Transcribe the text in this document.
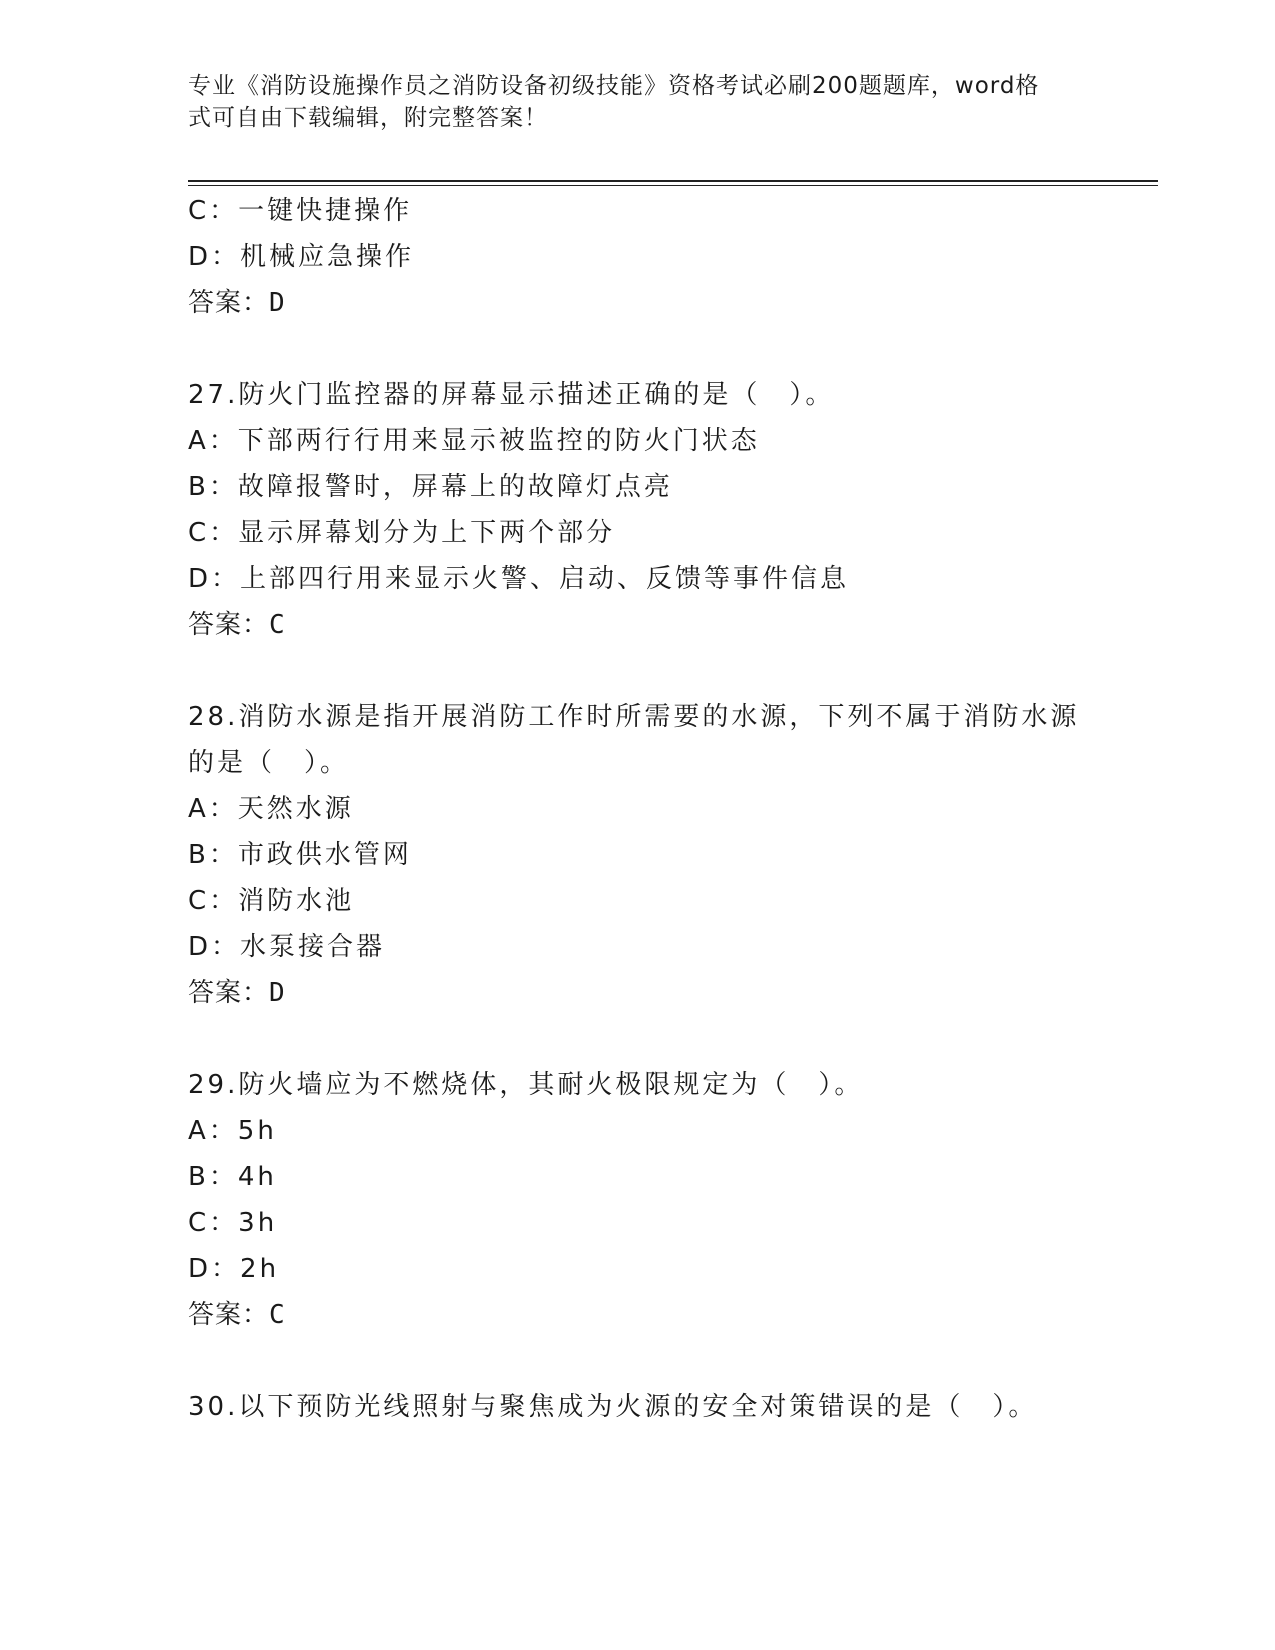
专业《消防设施操作员之消防设备初级技能》资格考试必刷200题题库，word格
式可自由下载编辑，附完整答案！
C：一键快捷操作
D：机械应急操作
答案：D
27.防火门监控器的屏幕显示描述正确的是（　）。
A：下部两行行用来显示被监控的防火门状态
B：故障报警时，屏幕上的故障灯点亮
C：显示屏幕划分为上下两个部分
D：上部四行用来显示火警、启动、反馈等事件信息
答案：C
28.消防水源是指开展消防工作时所需要的水源，下列不属于消防水源
的是（　）。
A：天然水源
B：市政供水管网
C：消防水池
D：水泵接合器
答案：D
29.防火墙应为不燃烧体，其耐火极限规定为（　）。
A：5h
B：4h
C：3h
D：2h
答案：C
30.以下预防光线照射与聚焦成为火源的安全对策错误的是（　）。
